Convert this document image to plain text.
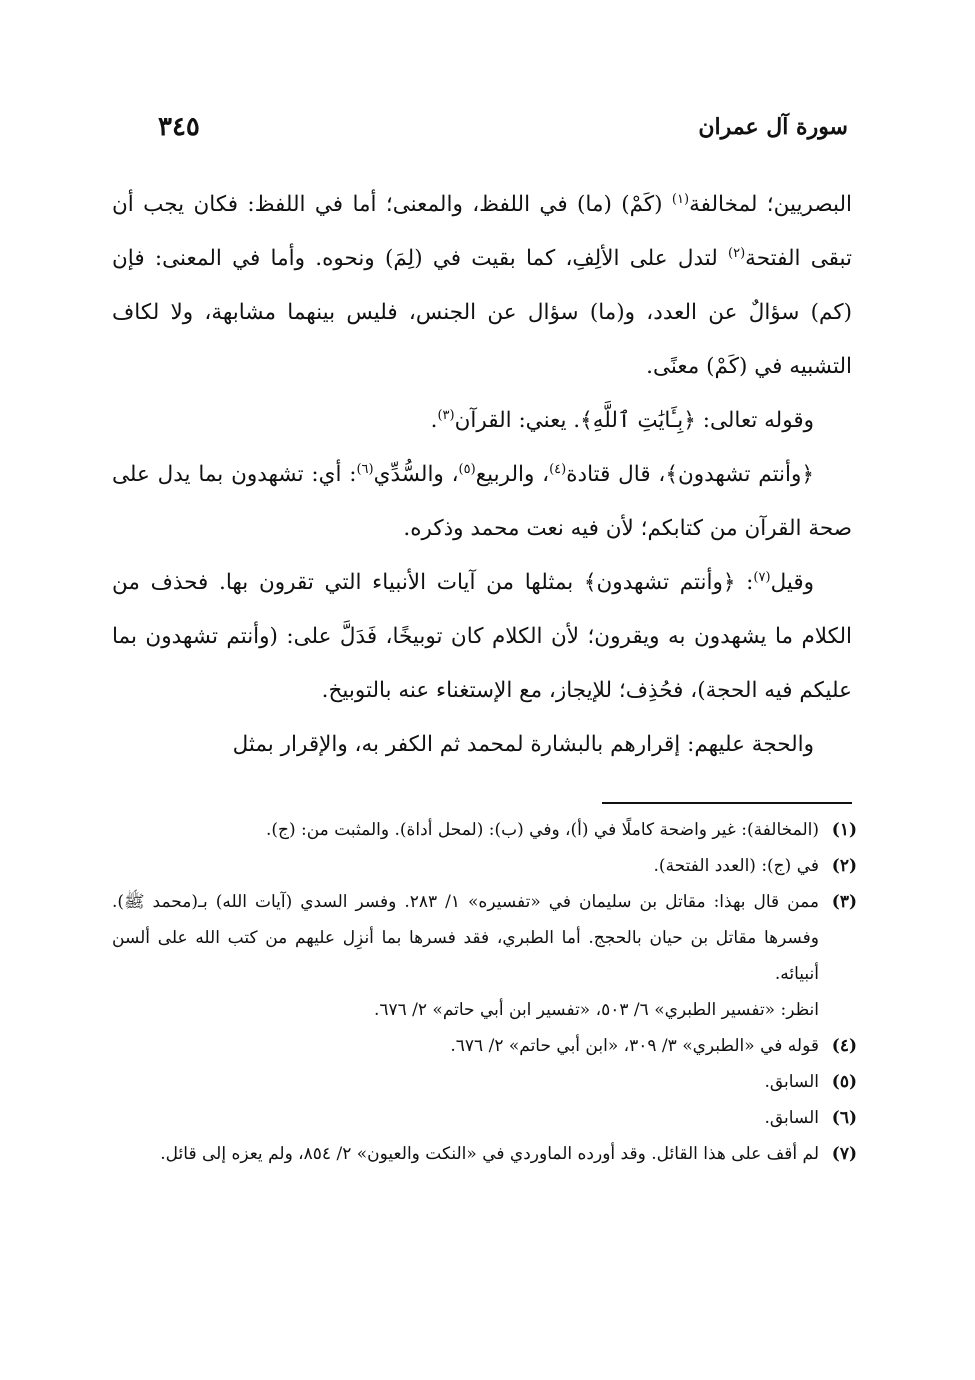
٣٤٥	سورة آل عمران

البصريين؛ لمخالفة$^{(١)}$ (كَمْ) (ما) في اللفظ، والمعنى؛ أما في اللفظ: فكان يجب أن تبقى الفتحة$^{(٢)}$ لتدل على الألِفِ، كما بقيت في (لِمَ) ونحوه. وأما في المعنى: فإن (كم) سؤالٌ عن العدد، و(ما) سؤال عن الجنس، فليس بينهما مشابهة، ولا لكاف التشبيه في (كَمْ) معنًى.

وقوله تعالى: ﴿بِـَٔايَٰتِ ٱللَّهِ﴾. يعني: القرآن$^{(٣)}$.

﴿وأنتم تشهدون﴾، قال قتادة$^{(٤)}$، والربيع$^{(٥)}$، والسُّدِّي$^{(٦)}$: أي: تشهدون بما يدل على صحة القرآن من كتابكم؛ لأن فيه نعت محمد وذكره.

وقيل$^{(٧)}$: ﴿وأنتم تشهدون﴾ بمثلها من آيات الأنبياء التي تقرون بها. فحذف من الكلام ما يشهدون به ويقرون؛ لأن الكلام كان توبيخًا، فَدَلَّ على: (وأنتم تشهدون بما عليكم فيه الحجة)، فحُذِف؛ للإيجاز، مع الإستغناء عنه بالتوبيخ.

والحجة عليهم: إقرارهم بالبشارة لمحمد ثم الكفر به، والإقرار بمثل

(١)
(المخالفة): غير واضحة كاملًا في (أ)، وفي (ب): (لمحل أداة). والمثبت من: (ج).
(٢)
في (ج): (العدد الفتحة).
(٣)
ممن قال بهذا: مقاتل بن سليمان في «تفسيره» ١/ ٢٨٣. وفسر السدي (آيات الله) بـ(محمد ﷺ). وفسرها مقاتل بن حيان بالحجج. أما الطبري، فقد فسرها بما أنزِل عليهم من كتب الله على ألسن أنبيائه.
انظر: «تفسير الطبري» ٦/ ٥٠٣، «تفسير ابن أبي حاتم» ٢/ ٦٧٦.
(٤)
قوله في «الطبري» ٣/ ٣٠٩، «ابن أبي حاتم» ٢/ ٦٧٦.
(٥)
السابق.
(٦)
السابق.
(٧)
لم أقف على هذا القائل. وقد أورده الماوردي في «النكت والعيون» ٢/ ٨٥٤، ولم يعزه إلى قائل.
